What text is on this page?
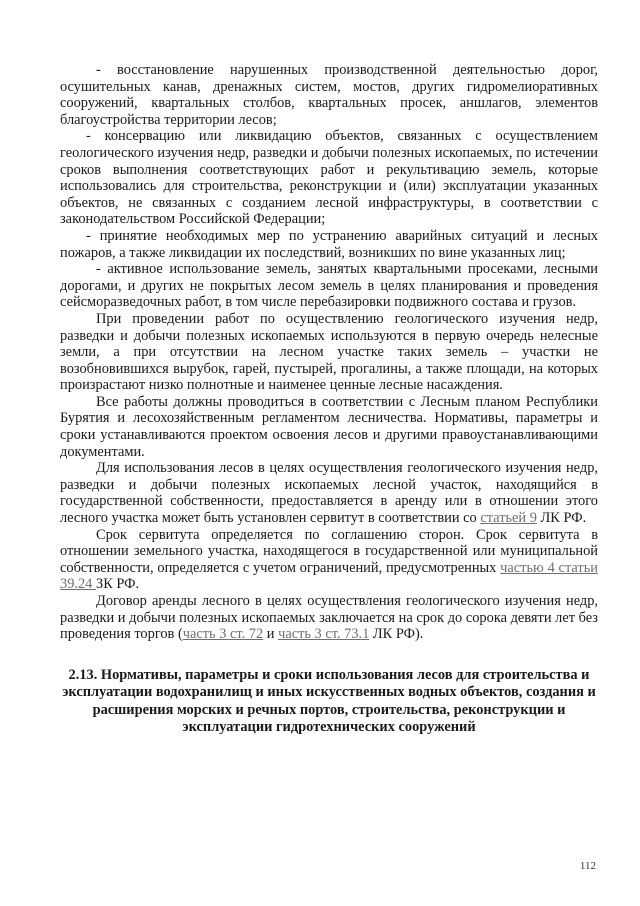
- восстановление нарушенных производственной деятельностью дорог, осушительных канав, дренажных систем, мостов, других гидромелиоративных сооружений, квартальных столбов, квартальных просек, аншлагов, элементов благоустройства территории лесов;

- консервацию или ликвидацию объектов, связанных с осуществлением геологического изучения недр, разведки и добычи полезных ископаемых, по истечении сроков выполнения соответствующих работ и рекультивацию земель, которые использовались для строительства, реконструкции и (или) эксплуатации указанных объектов, не связанных с созданием лесной инфраструктуры, в соответствии с законодательством Российской Федерации;

- принятие необходимых мер по устранению аварийных ситуаций и лесных пожаров, а также ликвидации их последствий, возникших по вине указанных лиц;

- активное использование земель, занятых квартальными просеками, лесными дорогами, и других не покрытых лесом земель в целях планирования и проведения сейсморазведочных работ, в том числе перебазировки подвижного состава и грузов.

При проведении работ по осуществлению геологического изучения недр, разведки и добычи полезных ископаемых используются в первую очередь нелесные земли, а при отсутствии на лесном участке таких земель – участки не возобновившихся вырубок, гарей, пустырей, прогалины, а также площади, на которых произрастают низко полнотные и наименее ценные лесные насаждения.

Все работы должны проводиться в соответствии с Лесным планом Республики Бурятия и лесохозяйственным регламентом лесничества. Нормативы, параметры и сроки устанавливаются проектом освоения лесов и другими правоустанавливающими документами.

Для использования лесов в целях осуществления геологического изучения недр, разведки и добычи полезных ископаемых лесной участок, находящийся в государственной собственности, предоставляется в аренду или в отношении этого лесного участка может быть установлен сервитут в соответствии со статьей 9 ЛК РФ.

Срок сервитута определяется по соглашению сторон. Срок сервитута в отношении земельного участка, находящегося в государственной или муниципальной собственности, определяется с учетом ограничений, предусмотренных частью 4 статьи 39.24 ЗК РФ.

Договор аренды лесного в целях осуществления геологического изучения недр, разведки и добычи полезных ископаемых заключается на срок до сорока девяти лет без проведения торгов (часть 3 ст. 72 и часть 3 ст. 73.1 ЛК РФ).

2.13. Нормативы, параметры и сроки использования лесов для строительства и эксплуатации водохранилищ и иных искусственных водных объектов, создания и расширения морских и речных портов, строительства, реконструкции и эксплуатации гидротехнических сооружений
112
